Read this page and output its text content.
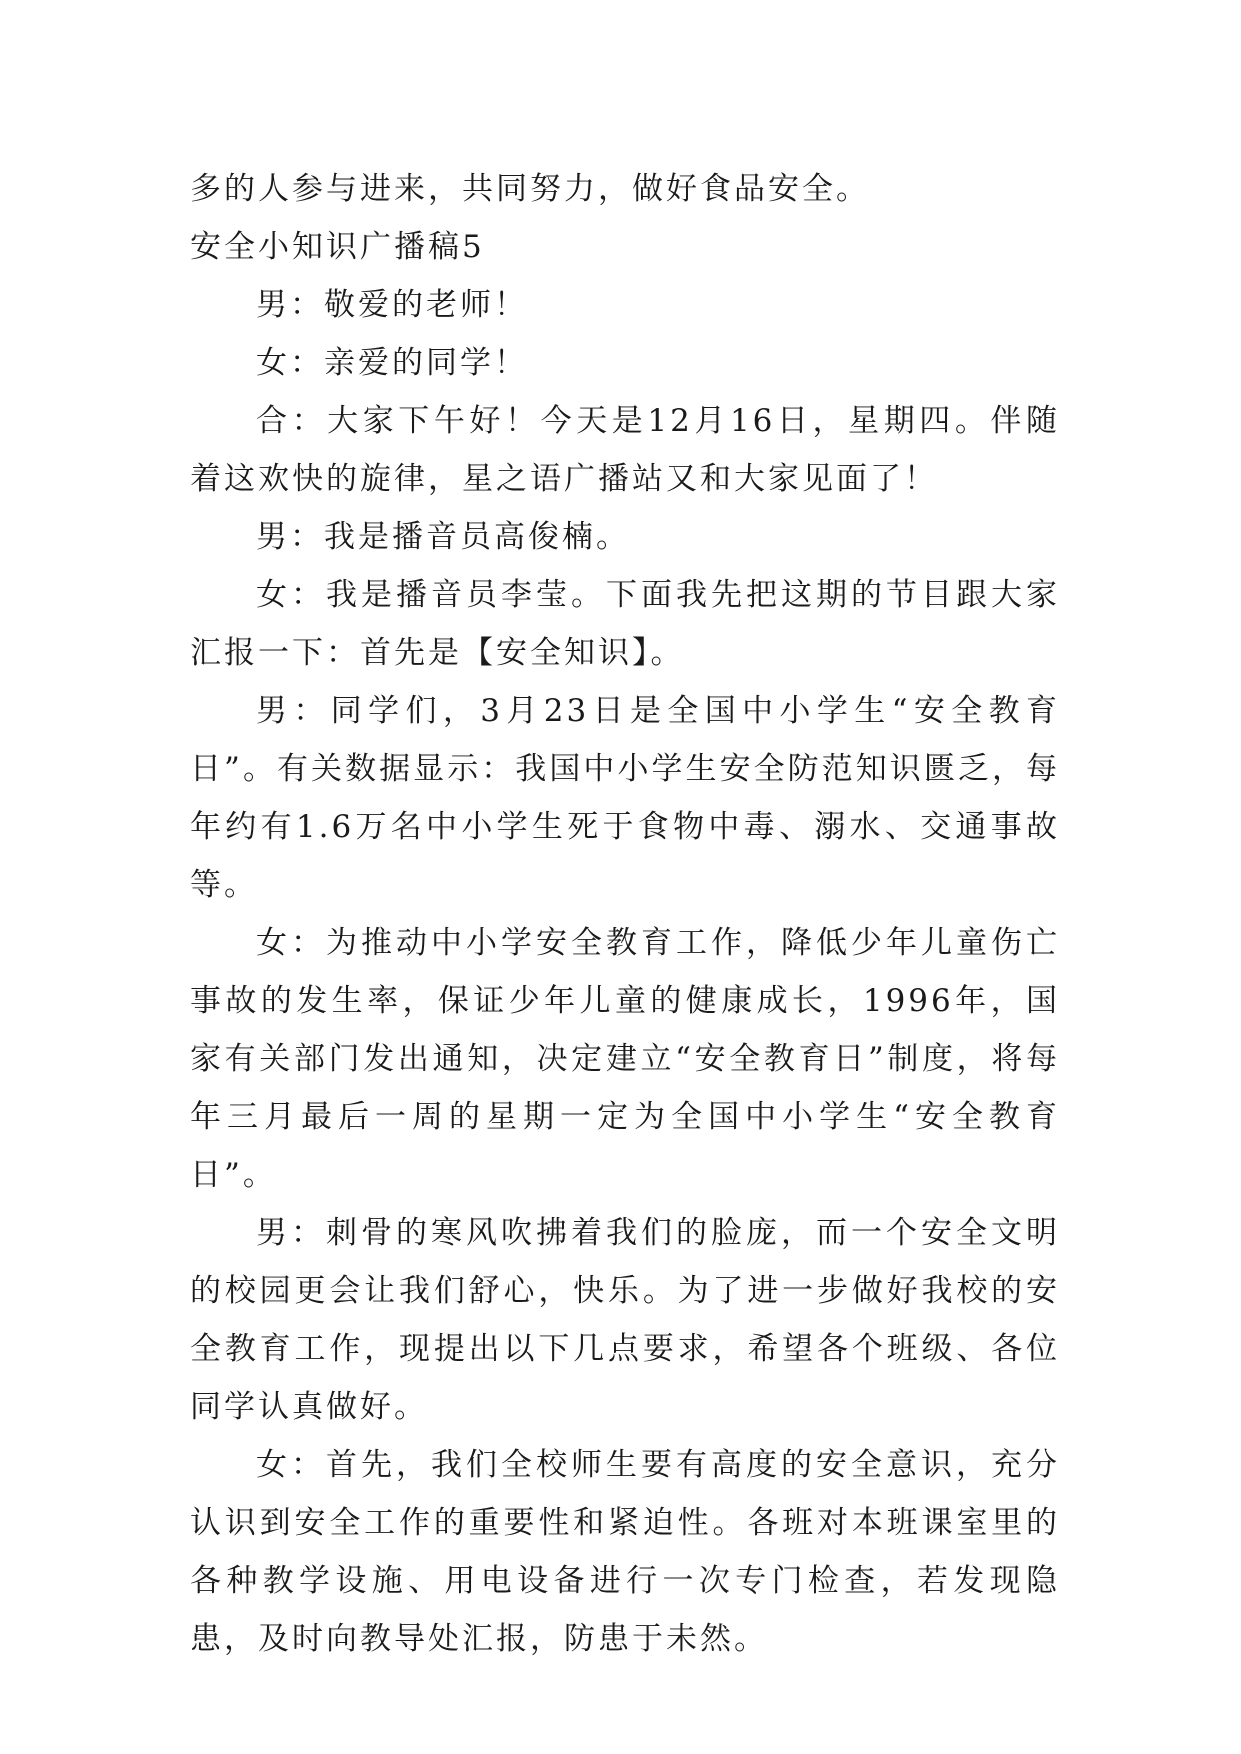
多的人参与进来，共同努力，做好食品安全。

安全小知识广播稿5

男：敬爱的老师！

女：亲爱的同学！

合：大家下午好！今天是12月16日，星期四。伴随着这欢快的旋律，星之语广播站又和大家见面了！

男：我是播音员高俊楠。

女：我是播音员李莹。下面我先把这期的节目跟大家汇报一下：首先是【安全知识】。

男：同学们，3月23日是全国中小学生“安全教育日”。有关数据显示：我国中小学生安全防范知识匮乏，每年约有1.6万名中小学生死于食物中毒、溺水、交通事故等。

女：为推动中小学安全教育工作，降低少年儿童伤亡事故的发生率，保证少年儿童的健康成长，1996年，国家有关部门发出通知，决定建立“安全教育日”制度，将每年三月最后一周的星期一定为全国中小学生“安全教育日”。

男：刺骨的寒风吹拂着我们的脸庞，而一个安全文明的校园更会让我们舒心，快乐。为了进一步做好我校的安全教育工作，现提出以下几点要求，希望各个班级、各位同学认真做好。

女：首先，我们全校师生要有高度的安全意识，充分认识到安全工作的重要性和紧迫性。各班对本班课室里的各种教学设施、用电设备进行一次专门检查，若发现隐患，及时向教导处汇报，防患于未然。
